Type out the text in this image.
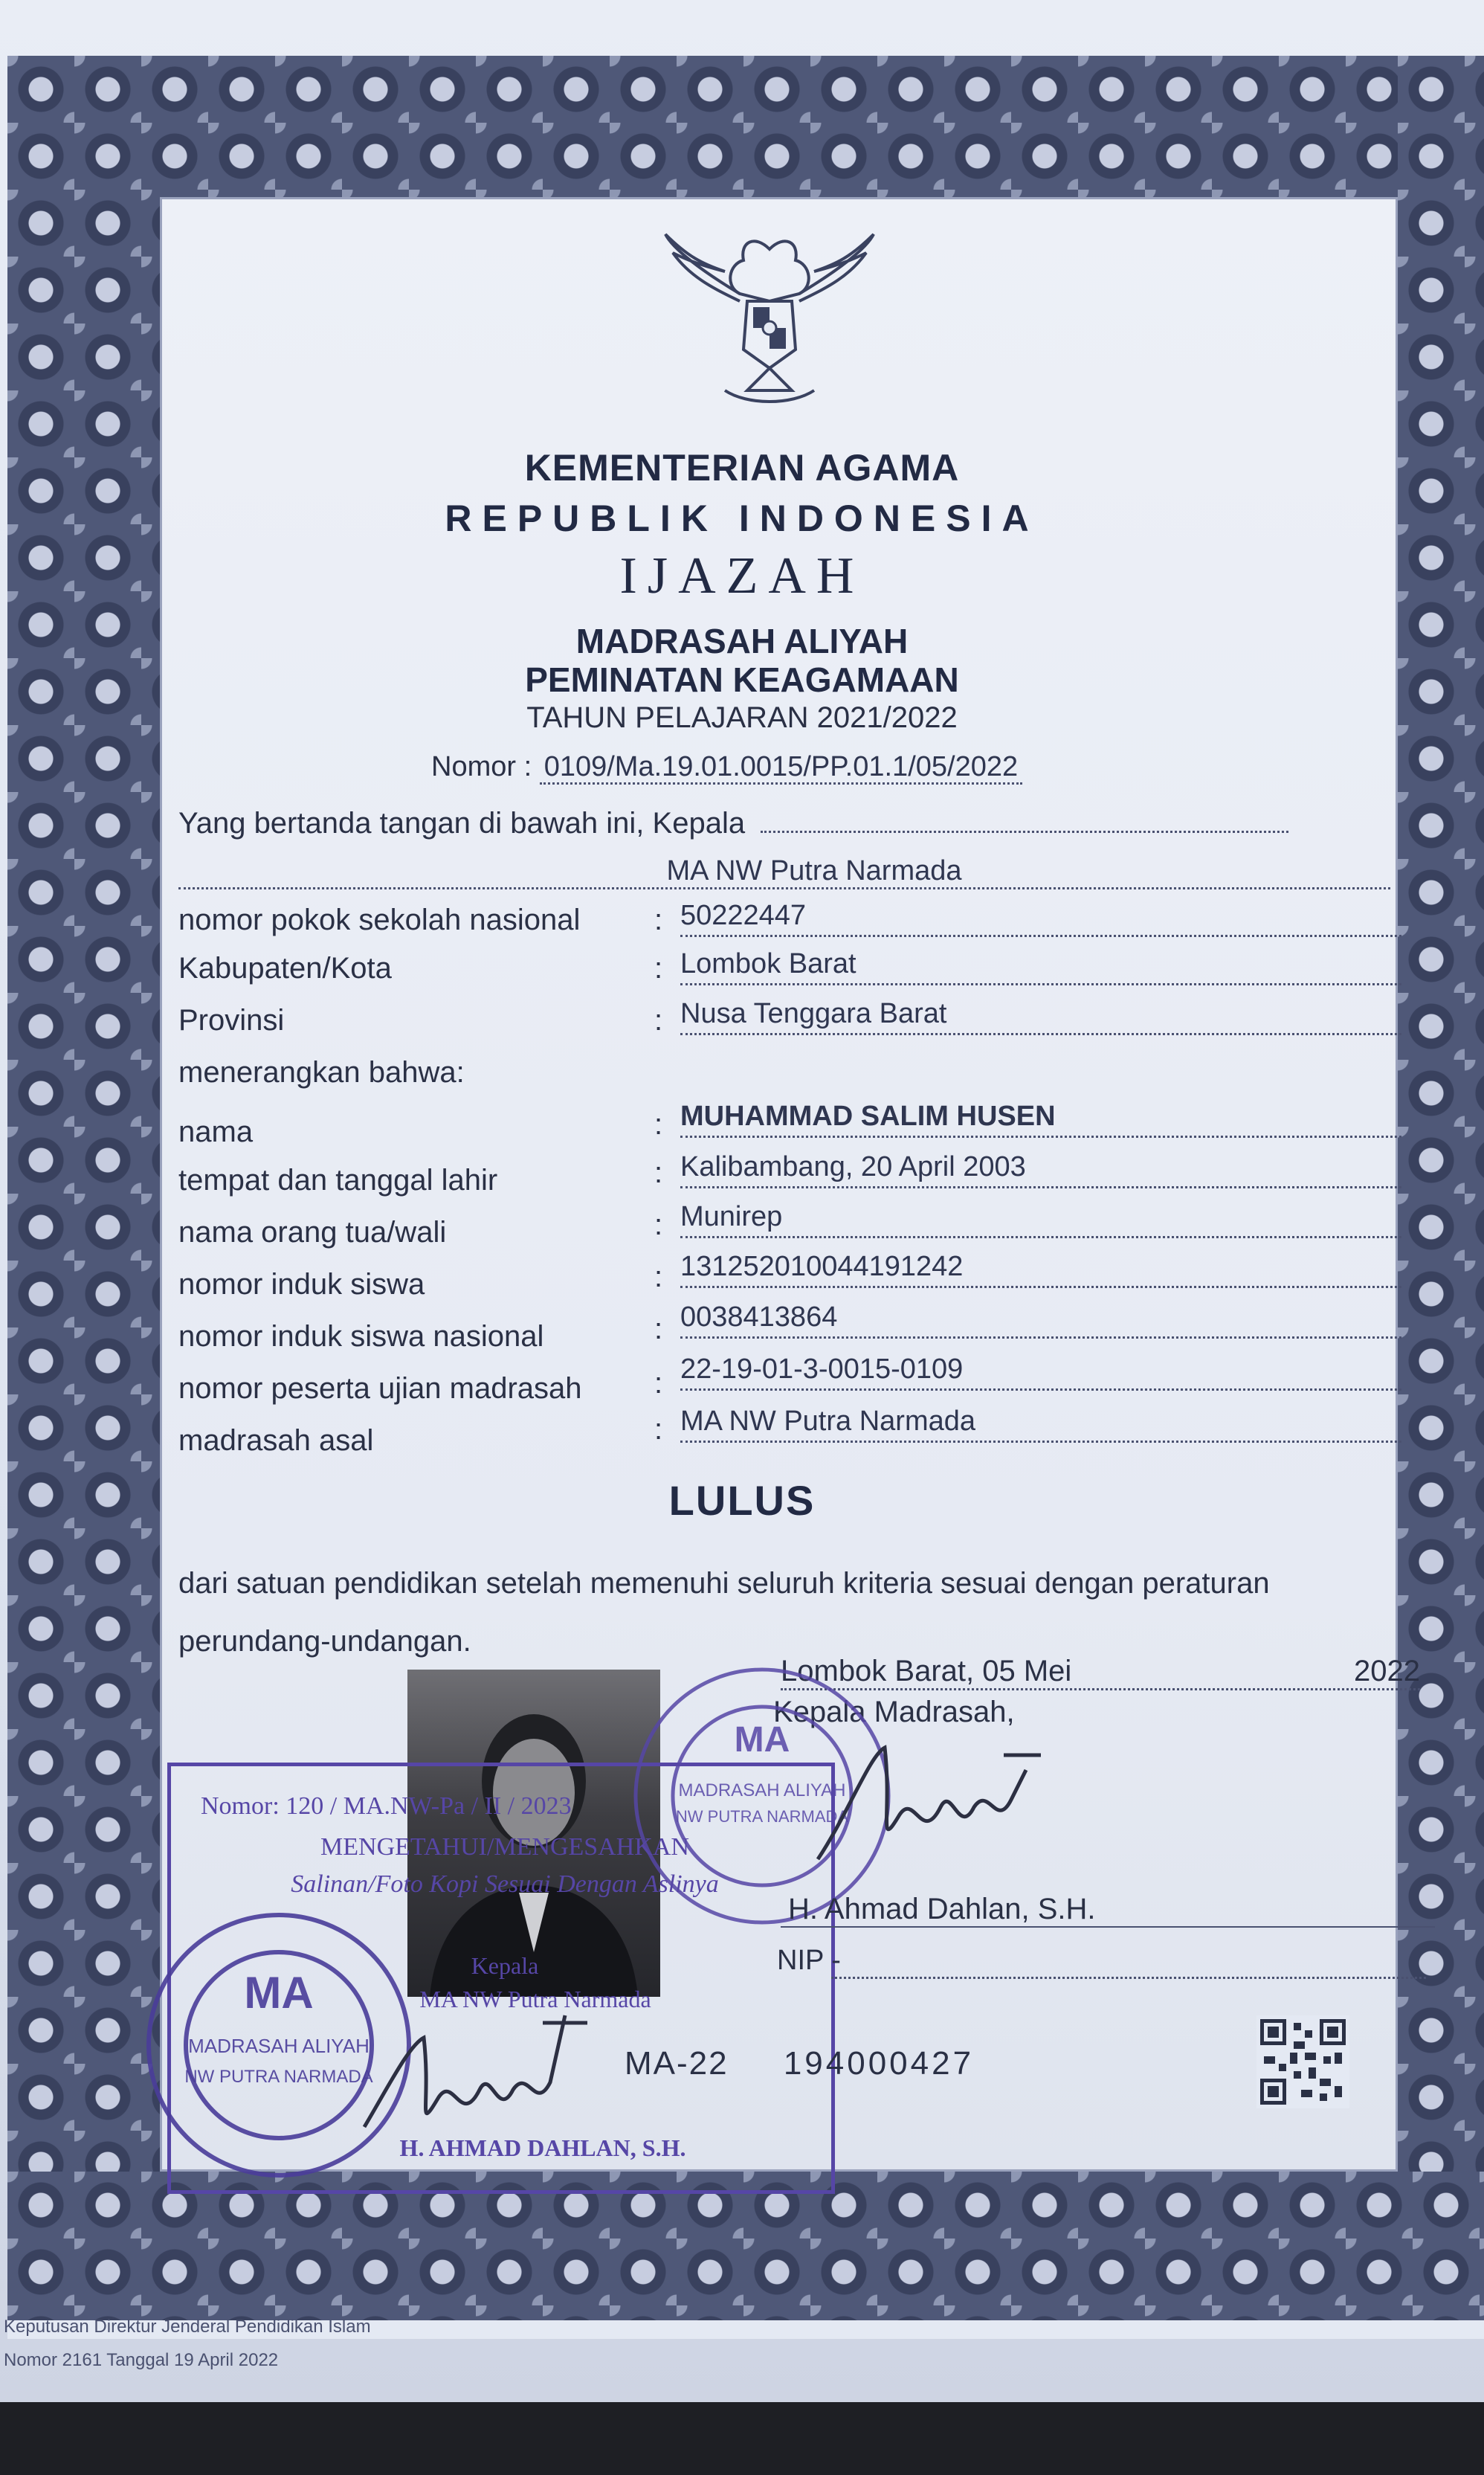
KEMENTERIAN AGAMA
REPUBLIK INDONESIA
IJAZAH
MADRASAH ALIYAH
PEMINATAN KEAGAMAAN
TAHUN PELAJARAN 2021/2022
Nomor : 0109/Ma.19.01.0015/PP.01.1/05/2022
Yang bertanda tangan di bawah ini, Kepala
MA NW Putra Narmada
nomor pokok sekolah nasional : 50222447
Kabupaten/Kota	: Lombok Barat
Provinsi	: Nusa Tenggara Barat
menerangkan bahwa:
nama	: MUHAMMAD SALIM HUSEN
tempat dan tanggal lahir	: Kalibambang, 20 April 2003
nama orang tua/wali	: Munirep
nomor induk siswa	: 131252010044191242
nomor induk siswa nasional	: 0038413864
nomor peserta ujian madrasah : 22-19-01-3-0015-0109
madrasah asal	: MA NW Putra Narmada
LULUS
dari satuan pendidikan setelah memenuhi seluruh kriteria sesuai dengan peraturan perundang-undangan.
Lombok Barat, 05 Mei	2022
Kepala Madrasah,
Nomor: 120 / MA.NW-Pa / II / 2023
MENGETAHUI/MENGESAHKAN
Salinan/Foto Kopi Sesuai Dengan Aslinya
Kepala
MA NW Putra Narmada
H. AHMAD DAHLAN, S.H.
MA
MADRASAH ALIYAH
NW PUTRA NARMADA
H. Ahmad Dahlan, S.H.
NIP -
MA
MADRASAH ALIYAH
NW PUTRA NARMADA	MA-22 194000427
Keputusan Direktur Jenderal Pendidikan Islam
Nomor 2161 Tanggal 19 April 2022
